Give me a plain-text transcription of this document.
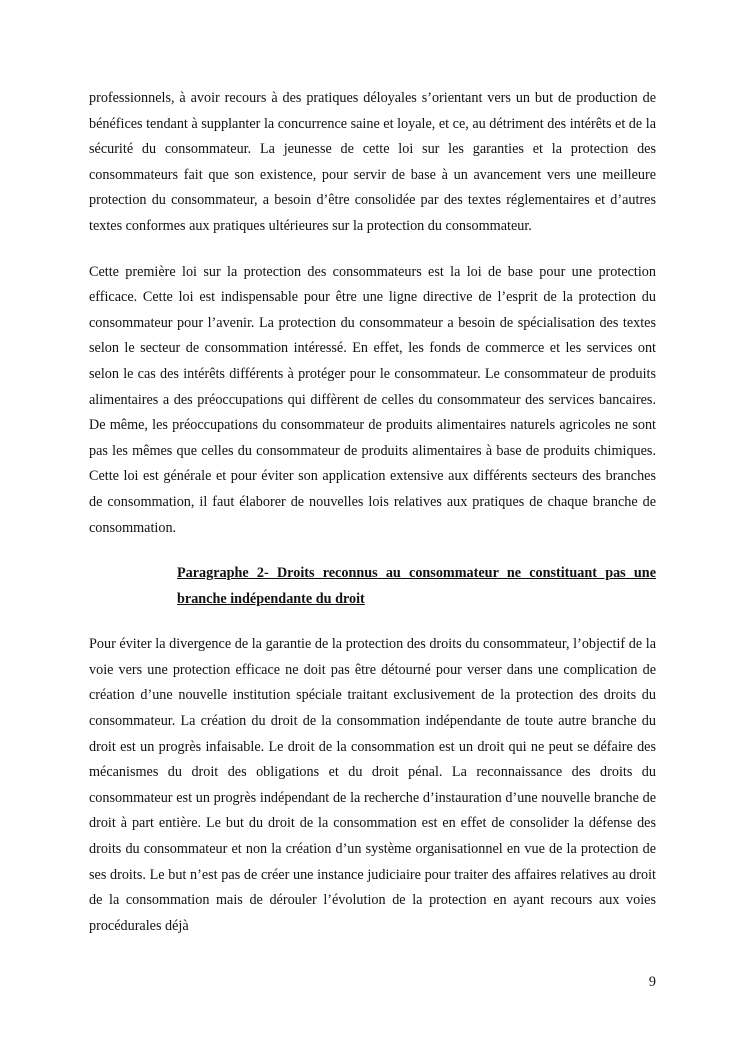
professionnels, à avoir recours à des pratiques déloyales s’orientant vers un but de production de bénéfices tendant à supplanter la concurrence saine et loyale, et ce, au détriment des intérêts et de la sécurité du consommateur. La jeunesse de cette loi sur les garanties et la protection des consommateurs fait que son existence, pour servir de base à un avancement vers une meilleure protection du consommateur, a besoin d’être consolidée par des textes réglementaires et d’autres textes conformes aux pratiques ultérieures sur la protection du consommateur.

Cette première loi sur la protection des consommateurs est la loi de base pour une protection efficace. Cette loi est indispensable pour être une ligne directive de l’esprit de la protection du consommateur pour l’avenir. La protection du consommateur a besoin de spécialisation des textes selon le secteur de consommation intéressé. En effet, les fonds de commerce et les services ont selon le cas des intérêts différents à protéger pour le consommateur. Le consommateur de produits alimentaires a des préoccupations qui diffèrent de celles du consommateur des services bancaires. De même, les préoccupations du consommateur de produits alimentaires naturels agricoles ne sont pas les mêmes que celles du consommateur de produits alimentaires à base de produits chimiques. Cette loi est générale et pour éviter son application extensive aux différents secteurs des branches de consommation, il faut élaborer de nouvelles lois relatives aux pratiques de chaque branche de consommation.

Paragraphe 2- Droits reconnus au consommateur ne constituant pas une branche indépendante du droit

Pour éviter la divergence de la garantie de la protection des droits du consommateur, l’objectif de la voie vers une protection efficace ne doit pas être détourné pour verser dans une complication de création d’une nouvelle institution spéciale traitant exclusivement de la protection des droits du consommateur. La création du droit de la consommation indépendante de toute autre branche du droit est un progrès infaisable. Le droit de la consommation est un droit qui ne peut se défaire des mécanismes du droit des obligations et du droit pénal. La reconnaissance des droits du consommateur est un progrès indépendant de la recherche d’instauration d’une nouvelle branche de droit à part entière. Le but du droit de la consommation est en effet de consolider la défense des droits du consommateur et non la création d’un système organisationnel en vue de la protection de ses droits. Le but n’est pas de créer une instance judiciaire pour traiter des affaires relatives au droit de la consommation mais de dérouler l’évolution de la protection en ayant recours aux voies procédurales déjà

9
